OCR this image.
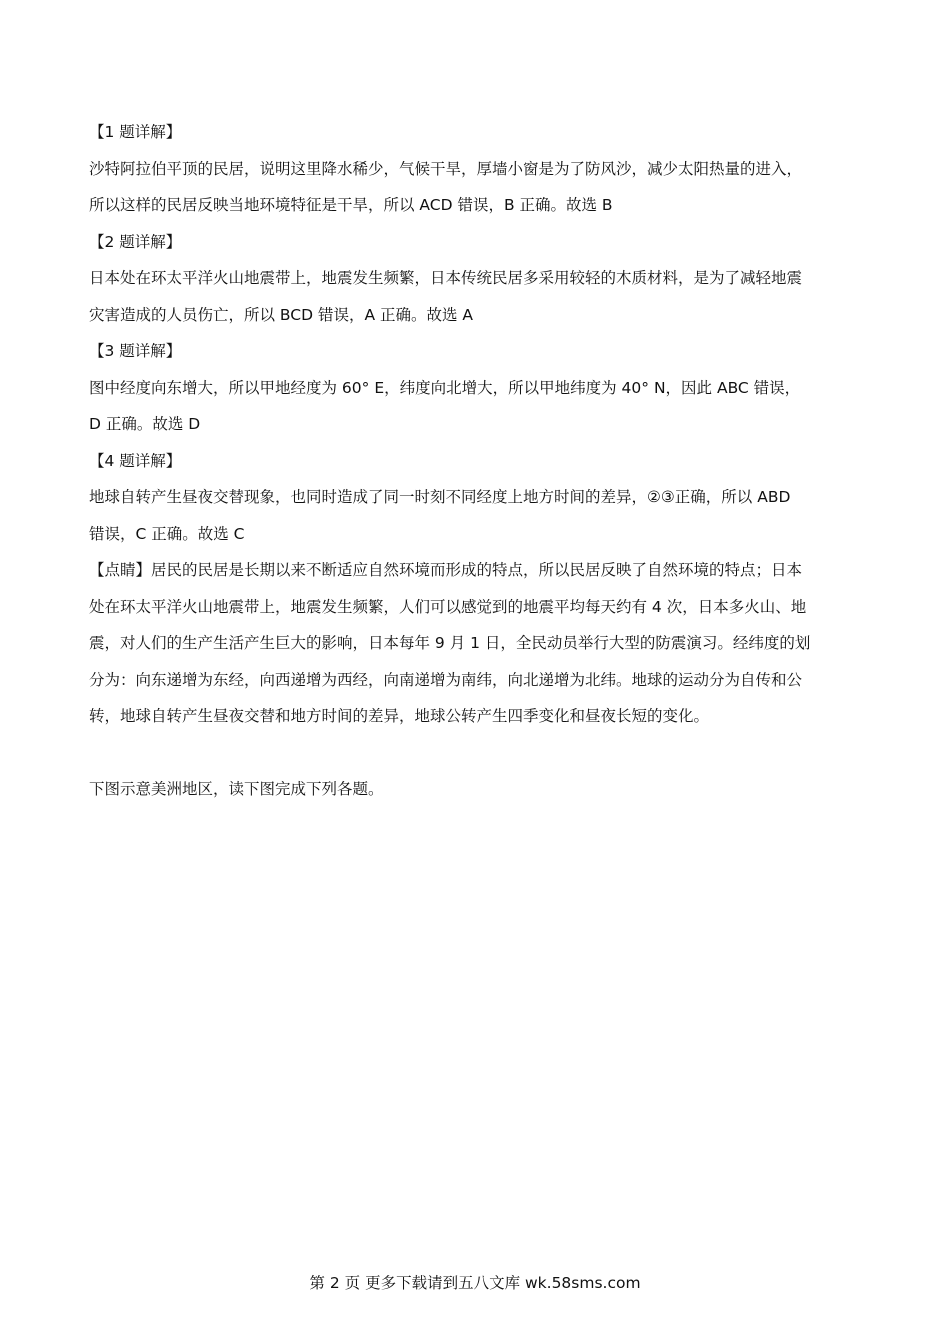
【1 题详解】
沙特阿拉伯平顶的民居，说明这里降水稀少，气候干旱，厚墙小窗是为了防风沙，减少太阳热量的进入，
所以这样的民居反映当地环境特征是干旱，所以 ACD 错误，B 正确。故选 B
【2 题详解】
日本处在环太平洋火山地震带上，地震发生频繁，日本传统民居多采用较轻的木质材料，是为了减轻地震
灾害造成的人员伤亡，所以 BCD 错误，A 正确。故选 A
【3 题详解】
图中经度向东增大，所以甲地经度为 60° E，纬度向北增大，所以甲地纬度为 40° N，因此 ABC 错误，
D 正确。故选 D
【4 题详解】
地球自转产生昼夜交替现象，也同时造成了同一时刻不同经度上地方时间的差异，②③正确，所以 ABD
错误，C 正确。故选 C
【点睛】居民的民居是长期以来不断适应自然环境而形成的特点，所以民居反映了自然环境的特点；日本
处在环太平洋火山地震带上，地震发生频繁，人们可以感觉到的地震平均每天约有 4 次，日本多火山、地
震，对人们的生产生活产生巨大的影响，日本每年 9 月 1 日，全民动员举行大型的防震演习。经纬度的划
分为：向东递增为东经，向西递增为西经，向南递增为南纬，向北递增为北纬。地球的运动分为自传和公
转，地球自转产生昼夜交替和地方时间的差异，地球公转产生四季变化和昼夜长短的变化。
下图示意美洲地区，读下图完成下列各题。
第 2 页 更多下载请到五八文库 wk.58sms.com
